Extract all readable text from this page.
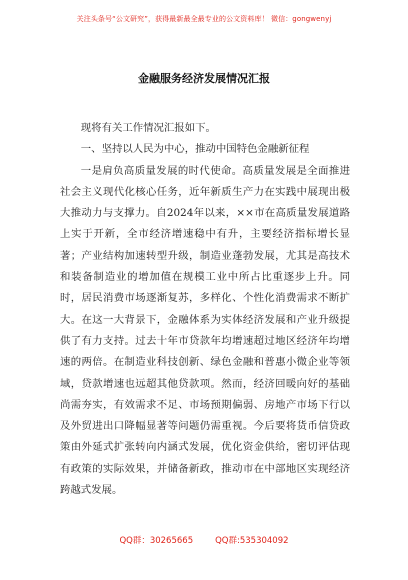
关注头条号“公文研究”，获得最新最全最专业的公文资料库！ 微信：gongwenyj
金融服务经济发展情况汇报

现将有关工作情况汇报如下。

一、坚持以人民为中心，推动中国特色金融新征程

一是肩负高质量发展的时代使命。高质量发展是全面推进社会主义现代化核心任务，近年新质生产力在实践中展现出极大推动力与支撑力。自2024年以来，××市在高质量发展道路上实于开新，全市经济增速稳中有升，主要经济指标增长显著；产业结构加速转型升级，制造业蓬勃发展，尤其是高技术和装备制造业的增加值在规模工业中所占比重逐步上升。同时，居民消费市场逐渐复苏，多样化、个性化消费需求不断扩大。在这一大背景下，金融体系为实体经济发展和产业升级提供了有力支持。过去十年市贷款年均增速超过地区经济年均增速的两倍。在制造业科技创新、绿色金融和普惠小微企业等领域，贷款增速也远超其他贷款项。然而，经济回暖向好的基础尚需夯实，有效需求不足、市场预期偏弱、房地产市场下行以及外贸进出口降幅显著等问题仍需重视。今后要将货币信贷政策由外延式扩张转向内涵式发展，优化资金供给，密切评估现有政策的实际效果，并储备新政，推动市在中部地区实现经济跨越式发展。

QQ群：30265665	QQ群:535304092
